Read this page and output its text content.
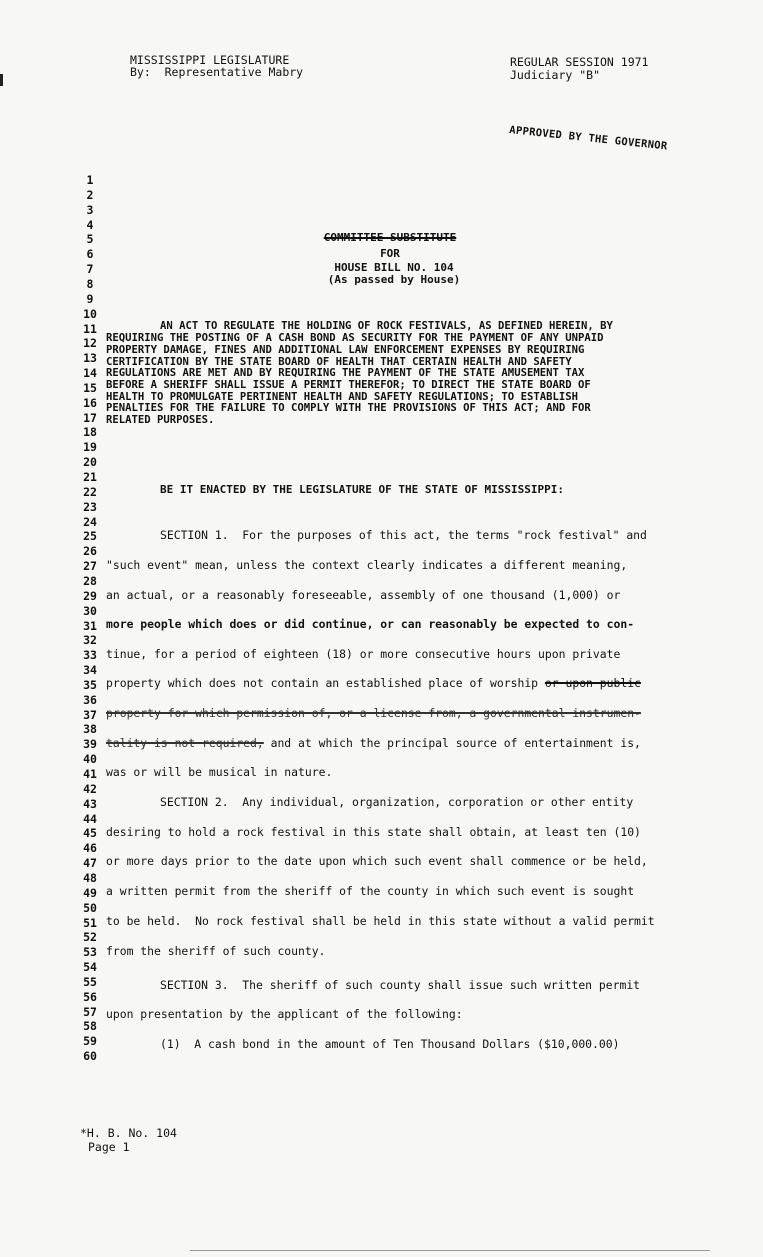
MISSISSIPPI LEGISLATURE
By:  Representative Mabry
REGULAR SESSION 1971
Judiciary "B"
APPROVED BY THE GOVERNOR
1
2
3
4
5
6
7
8
9
10
11
12
13
14
15
16
17
18
19
20
21
22
23
24
25
26
27
28
29
30
31
32
33
34
35
36
37
38
39
40
41
42
43
44
45
46
47
48
49
50
51
52
53
54
55
56
57
58
59
60
COMMITTEE SUBSTITUTE
FOR
HOUSE BILL NO. 104
(As passed by House)
AN ACT TO REGULATE THE HOLDING OF ROCK FESTIVALS, AS DEFINED HEREIN, BY
REQUIRING THE POSTING OF A CASH BOND AS SECURITY FOR THE PAYMENT OF ANY UNPAID
PROPERTY DAMAGE, FINES AND ADDITIONAL LAW ENFORCEMENT EXPENSES BY REQUIRING
CERTIFICATION BY THE STATE BOARD OF HEALTH THAT CERTAIN HEALTH AND SAFETY
REGULATIONS ARE MET AND BY REQUIRING THE PAYMENT OF THE STATE AMUSEMENT TAX
BEFORE A SHERIFF SHALL ISSUE A PERMIT THEREFOR; TO DIRECT THE STATE BOARD OF
HEALTH TO PROMULGATE PERTINENT HEALTH AND SAFETY REGULATIONS; TO ESTABLISH
PENALTIES FOR THE FAILURE TO COMPLY WITH THE PROVISIONS OF THIS ACT; AND FOR
RELATED PURPOSES.
BE IT ENACTED BY THE LEGISLATURE OF THE STATE OF MISSISSIPPI:
SECTION 1.  For the purposes of this act, the terms "rock festival" and
"such event" mean, unless the context clearly indicates a different meaning,
an actual, or a reasonably foreseeable, assembly of one thousand (1,000) or
more people which does or did continue, or can reasonably be expected to con-
tinue, for a period of eighteen (18) or more consecutive hours upon private
property which does not contain an established place of worship or upon public
property for which permission of, or a license from, a governmental instrumen-
tality is not required, and at which the principal source of entertainment is,
was or will be musical in nature.
SECTION 2.  Any individual, organization, corporation or other entity
desiring to hold a rock festival in this state shall obtain, at least ten (10)
or more days prior to the date upon which such event shall commence or be held,
a written permit from the sheriff of the county in which such event is sought
to be held.  No rock festival shall be held in this state without a valid permit
from the sheriff of such county.
SECTION 3.  The sheriff of such county shall issue such written permit
upon presentation by the applicant of the following:
(1)  A cash bond in the amount of Ten Thousand Dollars ($10,000.00)
*H. B. No. 104
Page 1
